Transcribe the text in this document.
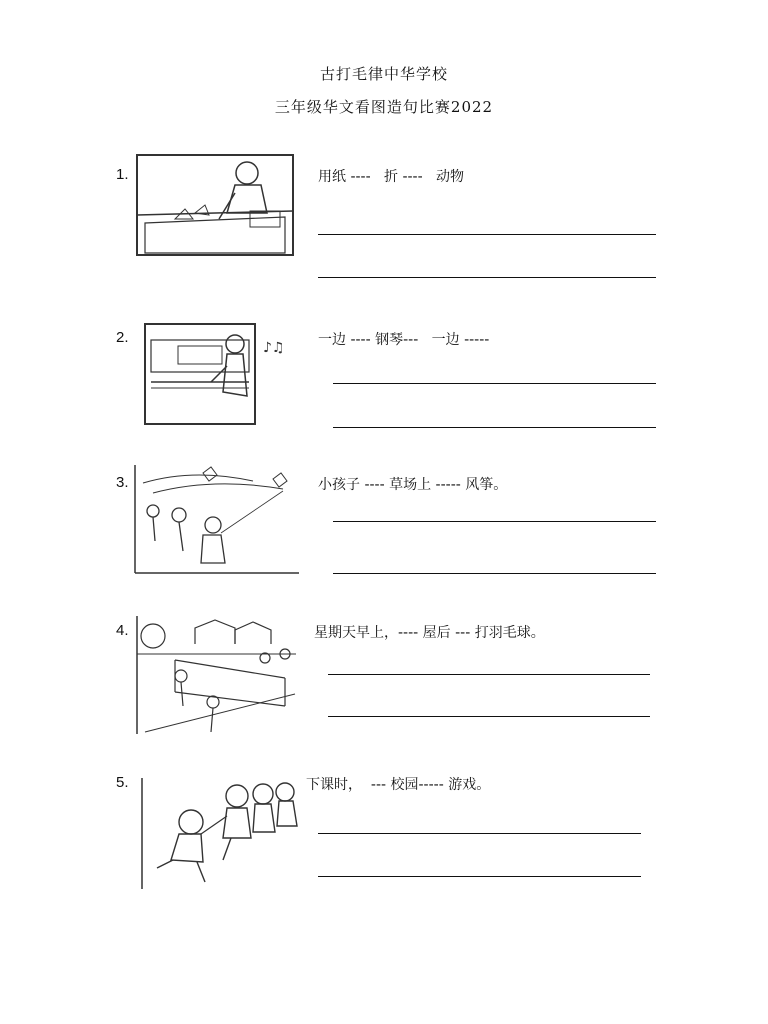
古打毛律中华学校
三年级华文看图造句比赛2022
1.	用纸 ----   折 ----   动物
2.
♪♫ 一边 ---- 钢琴---   一边 -----
3.	小孩子 ---- 草场上 ----- 风筝。
4.	星期天早上，---- 屋后 --- 打羽毛球。
5.	下课时，  --- 校园----- 游戏。
